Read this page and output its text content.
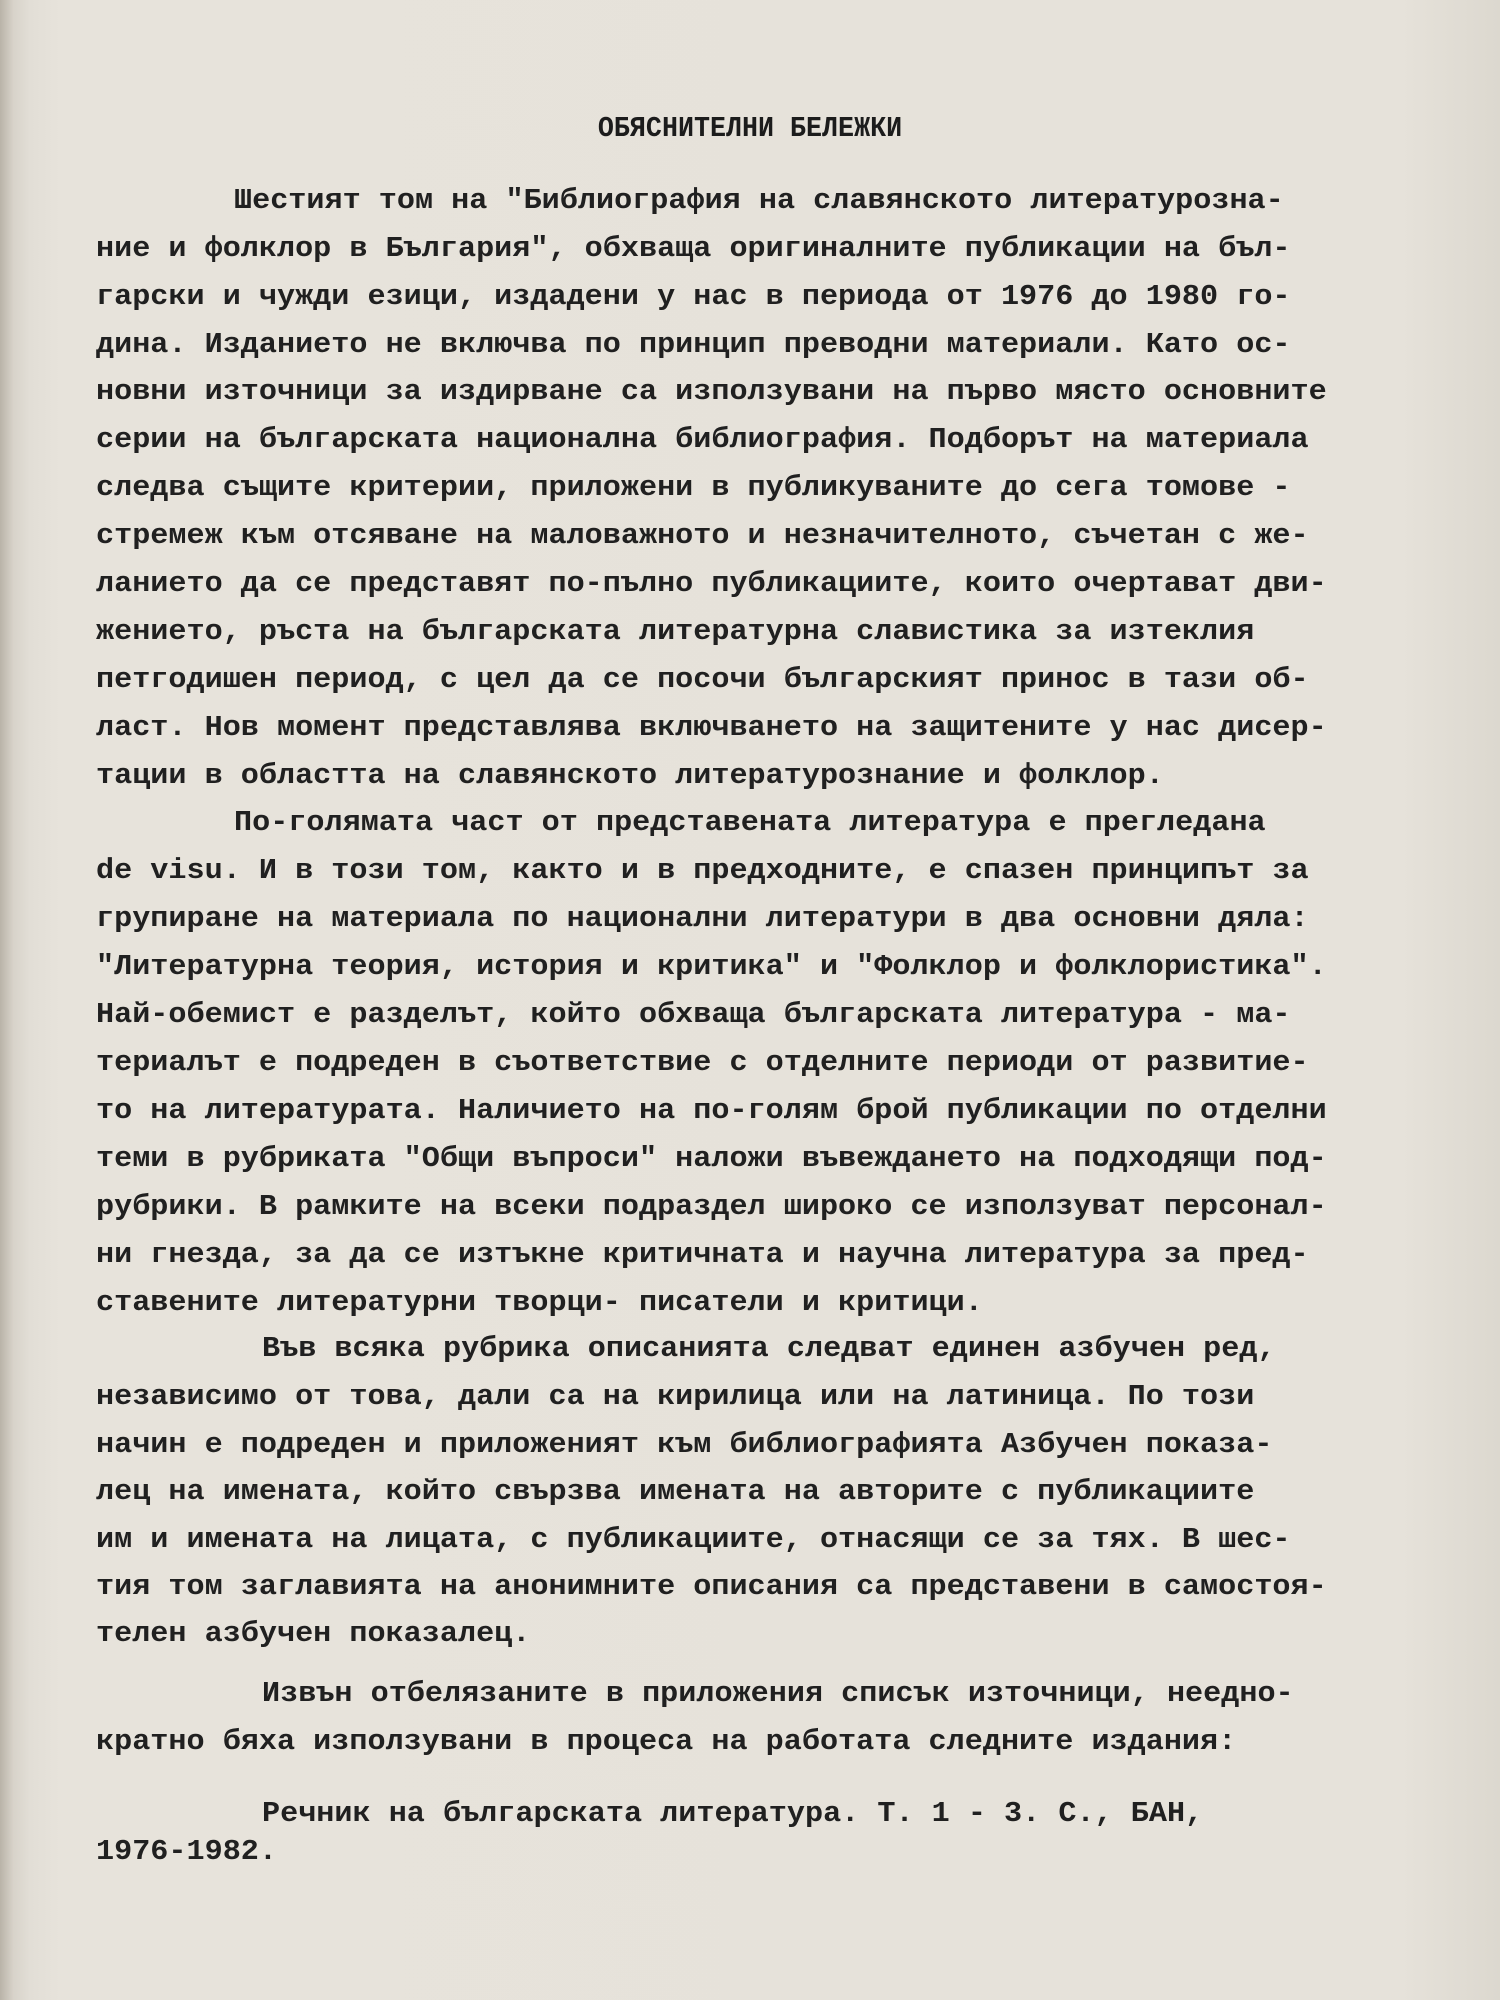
ОБЯСНИТЕЛНИ БЕЛЕЖКИ
Шестият том на "Библиография на славянското литературозна-
ние и фолклор в България", обхваща оригиналните публикации на бъл-
гарски и чужди езици, издадени у нас в периода от 1976 до 1980 го-
дина. Изданието не включва по принцип преводни материали. Като ос-
новни източници за издирване са използувани на първо място основните
серии на българската национална библиография. Подборът на материала
следва същите критерии, приложени в публикуваните до сега томове -
стремеж към отсяване на маловажното и незначителното, съчетан с же-
ланието да се представят по-пълно публикациите, които очертават дви-
жението, ръста на българската литературна славистика за изтеклия
петгодишен период, с цел да се посочи българският принос в тази об-
ласт. Нов момент представлява включването на защитените у нас дисер-
тации в областта на славянското литературознание и фолклор.
По-голямата част от представената литература е прегледана
de visu. И в този том, както и в предходните, е спазен принципът за
групиране на материала по национални литератури в два основни дяла:
"Литературна теория, история и критика" и "Фолклор и фолклористика".
Най-обемист е разделът, който обхваща българската литература - ма-
териалът е подреден в съответствие с отделните периоди от развитие-
то на литературата. Наличието на по-голям брой публикации по отделни
теми в рубриката "Общи въпроси" наложи въвеждането на подходящи под-
рубрики. В рамките на всеки подраздел широко се използуват персонал-
ни гнезда, за да се изтъкне критичната и научна литература за пред-
ставените литературни творци- писатели и критици.
Във всяка рубрика описанията следват единен азбучен ред,
независимо от това, дали са на кирилица или на латиница. По този
начин е подреден и приложеният към библиографията Азбучен показа-
лец на имената, който свързва имената на авторите с публикациите
им и имената на лицата, с публикациите, отнасящи се за тях. В шес-
тия том заглавията на анонимните описания са представени в самостоя-
телен азбучен показалец.
Извън отбелязаните в приложения списък източници, неедно-
кратно бяха използувани в процеса на работата следните издания:
Речник на българската литература. Т. 1 - 3. С., БАН,
1976-1982.
